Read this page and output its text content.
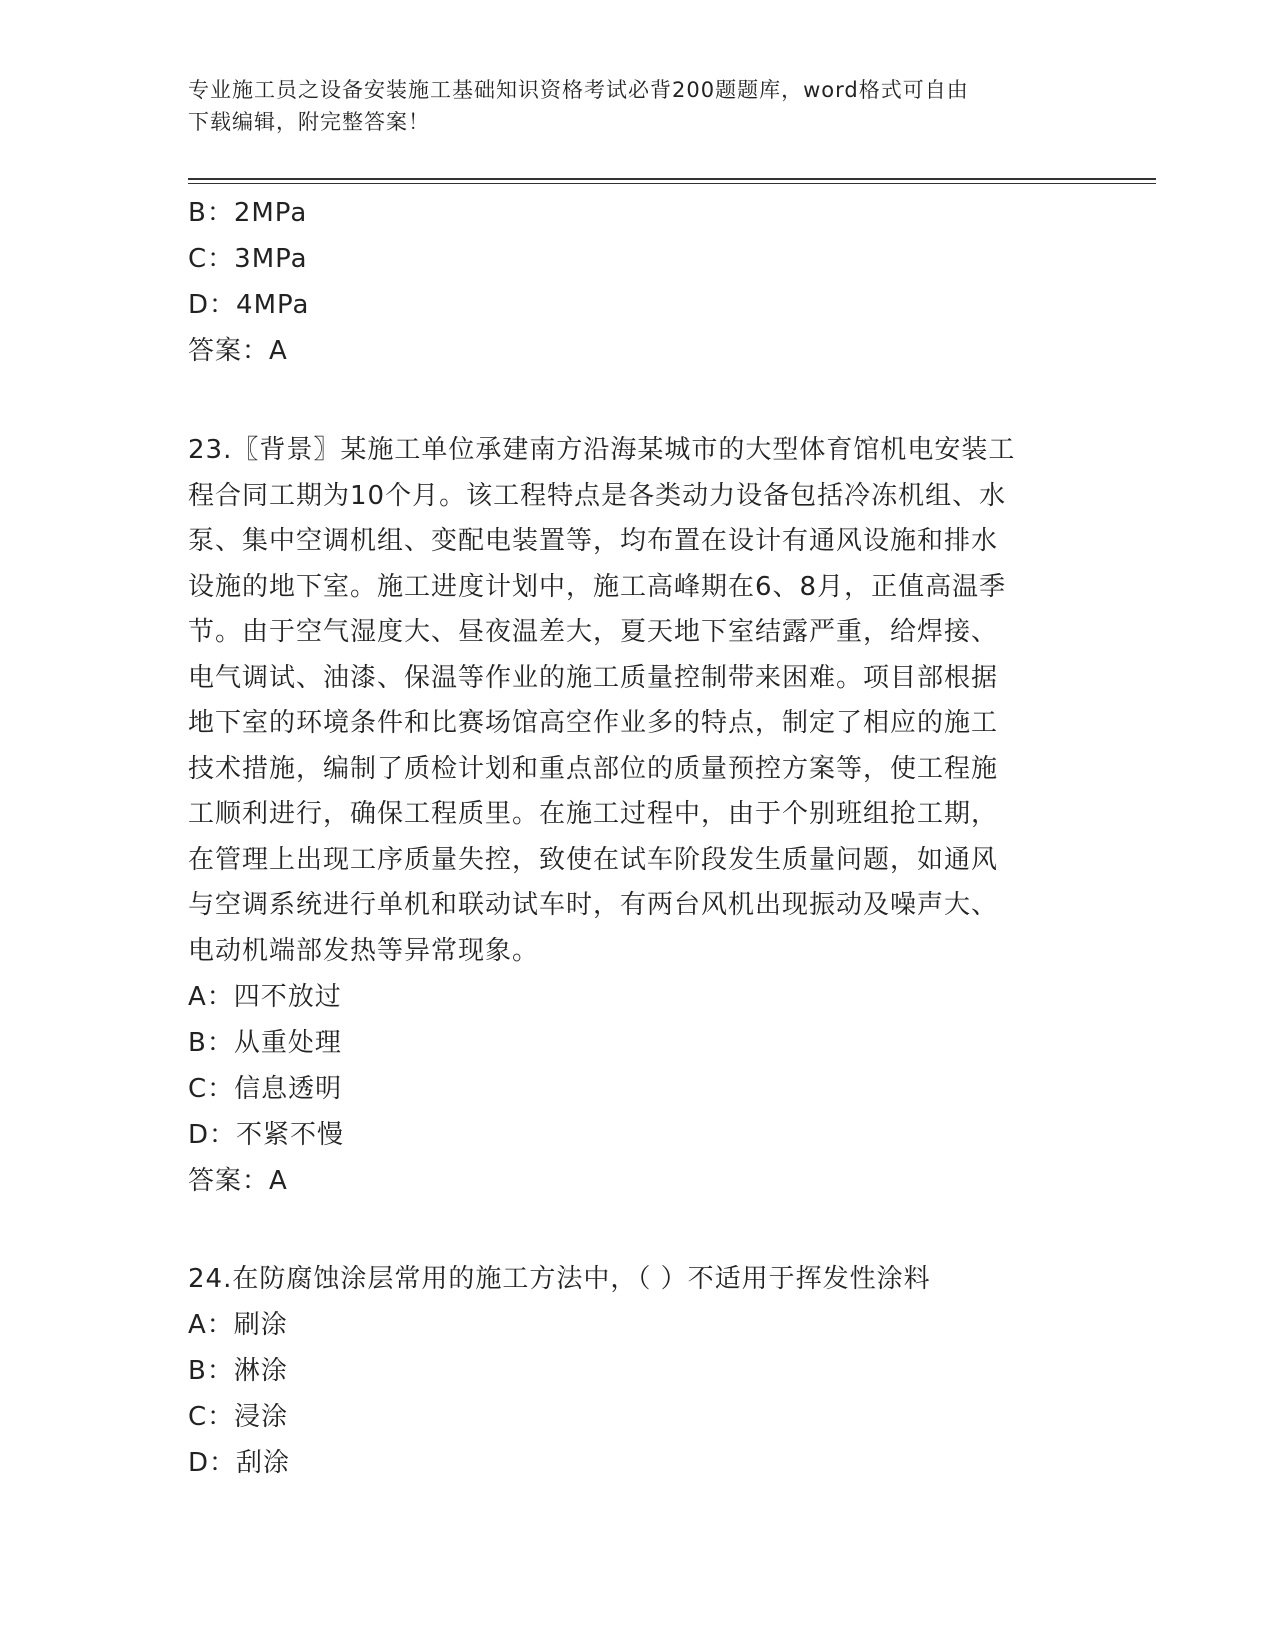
专业施工员之设备安装施工基础知识资格考试必背200题题库，word格式可自由
下载编辑，附完整答案！
B：2MPa
C：3MPa
D：4MPa
答案：A
23.〖背景〗某施工单位承建南方沿海某城市的大型体育馆机电安装工
程合同工期为10个月。该工程特点是各类动力设备包括冷冻机组、水
泵、集中空调机组、变配电装置等，均布置在设计有通风设施和排水
设施的地下室。施工进度计划中，施工高峰期在6、8月，正值高温季
节。由于空气湿度大、昼夜温差大，夏天地下室结露严重，给焊接、
电气调试、油漆、保温等作业的施工质量控制带来困难。项目部根据
地下室的环境条件和比赛场馆高空作业多的特点，制定了相应的施工
技术措施，编制了质检计划和重点部位的质量预控方案等，使工程施
工顺利进行，确保工程质里。在施工过程中，由于个别班组抢工期，
在管理上出现工序质量失控，致使在试车阶段发生质量问题，如通风
与空调系统进行单机和联动试车时，有两台风机出现振动及噪声大、
电动机端部发热等异常现象。
A：四不放过
B：从重处理
C：信息透明
D：不紧不慢
答案：A
24.在防腐蚀涂层常用的施工方法中，（ ）不适用于挥发性涂料
A：刷涂
B：淋涂
C：浸涂
D：刮涂
